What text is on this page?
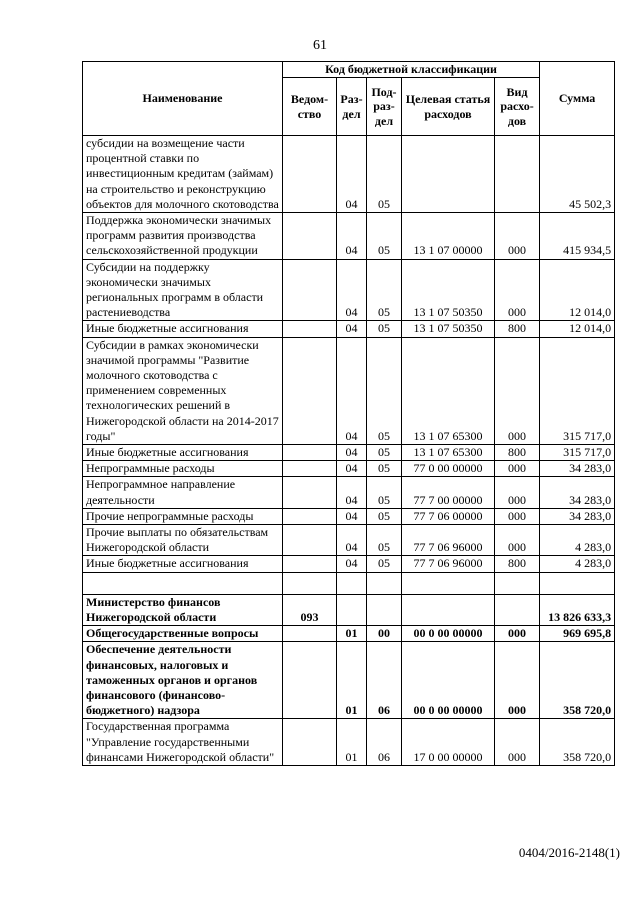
61
Наименование	Код бюджетной классификации					Сумма
	Ведом-ство	Раз-дел	Под-раз-дел	Целевая статья расходов	Вид расхо-дов	
субсидии на возмещение части процентной ставки по инвестиционным кредитам (займам) на строительство и реконструкцию объектов для молочного скотоводства		04	05			45 502,3
Поддержка экономически значимых программ развития производства сельскохозяйственной продукции		04	05	13 1 07 00000	000	415 934,5
Субсидии на поддержку экономически значимых региональных программ в области растениеводства		04	05	13 1 07 50350	000	12 014,0
Иные бюджетные ассигнования		04	05	13 1 07 50350	800	12 014,0
Субсидии в рамках экономически значимой программы "Развитие молочного скотоводства с применением современных технологических решений в Нижегородской области на 2014-2017 годы"		04	05	13 1 07 65300	000	315 717,0
Иные бюджетные ассигнования		04	05	13 1 07 65300	800	315 717,0
Непрограммные расходы		04	05	77 0 00 00000	000	34 283,0
Непрограммное направление деятельности		04	05	77 7 00 00000	000	34 283,0
Прочие непрограммные расходы		04	05	77 7 06 00000	000	34 283,0
Прочие выплаты по обязательствам Нижегородской области		04	05	77 7 06 96000	000	4 283,0
Иные бюджетные ассигнования		04	05	77 7 06 96000	800	4 283,0

Министерство финансов Нижегородской области	093					13 826 633,3
Общегосударственные вопросы		01	00	00 0 00 00000	000	969 695,8
Обеспечение деятельности финансовых, налоговых и таможенных органов и органов финансового (финансово-бюджетного) надзора		01	06	00 0 00 00000	000	358 720,0
Государственная программа "Управление государственными финансами Нижегородской области"		01	06	17 0 00 00000	000	358 720,0
0404/2016-2148(1)
